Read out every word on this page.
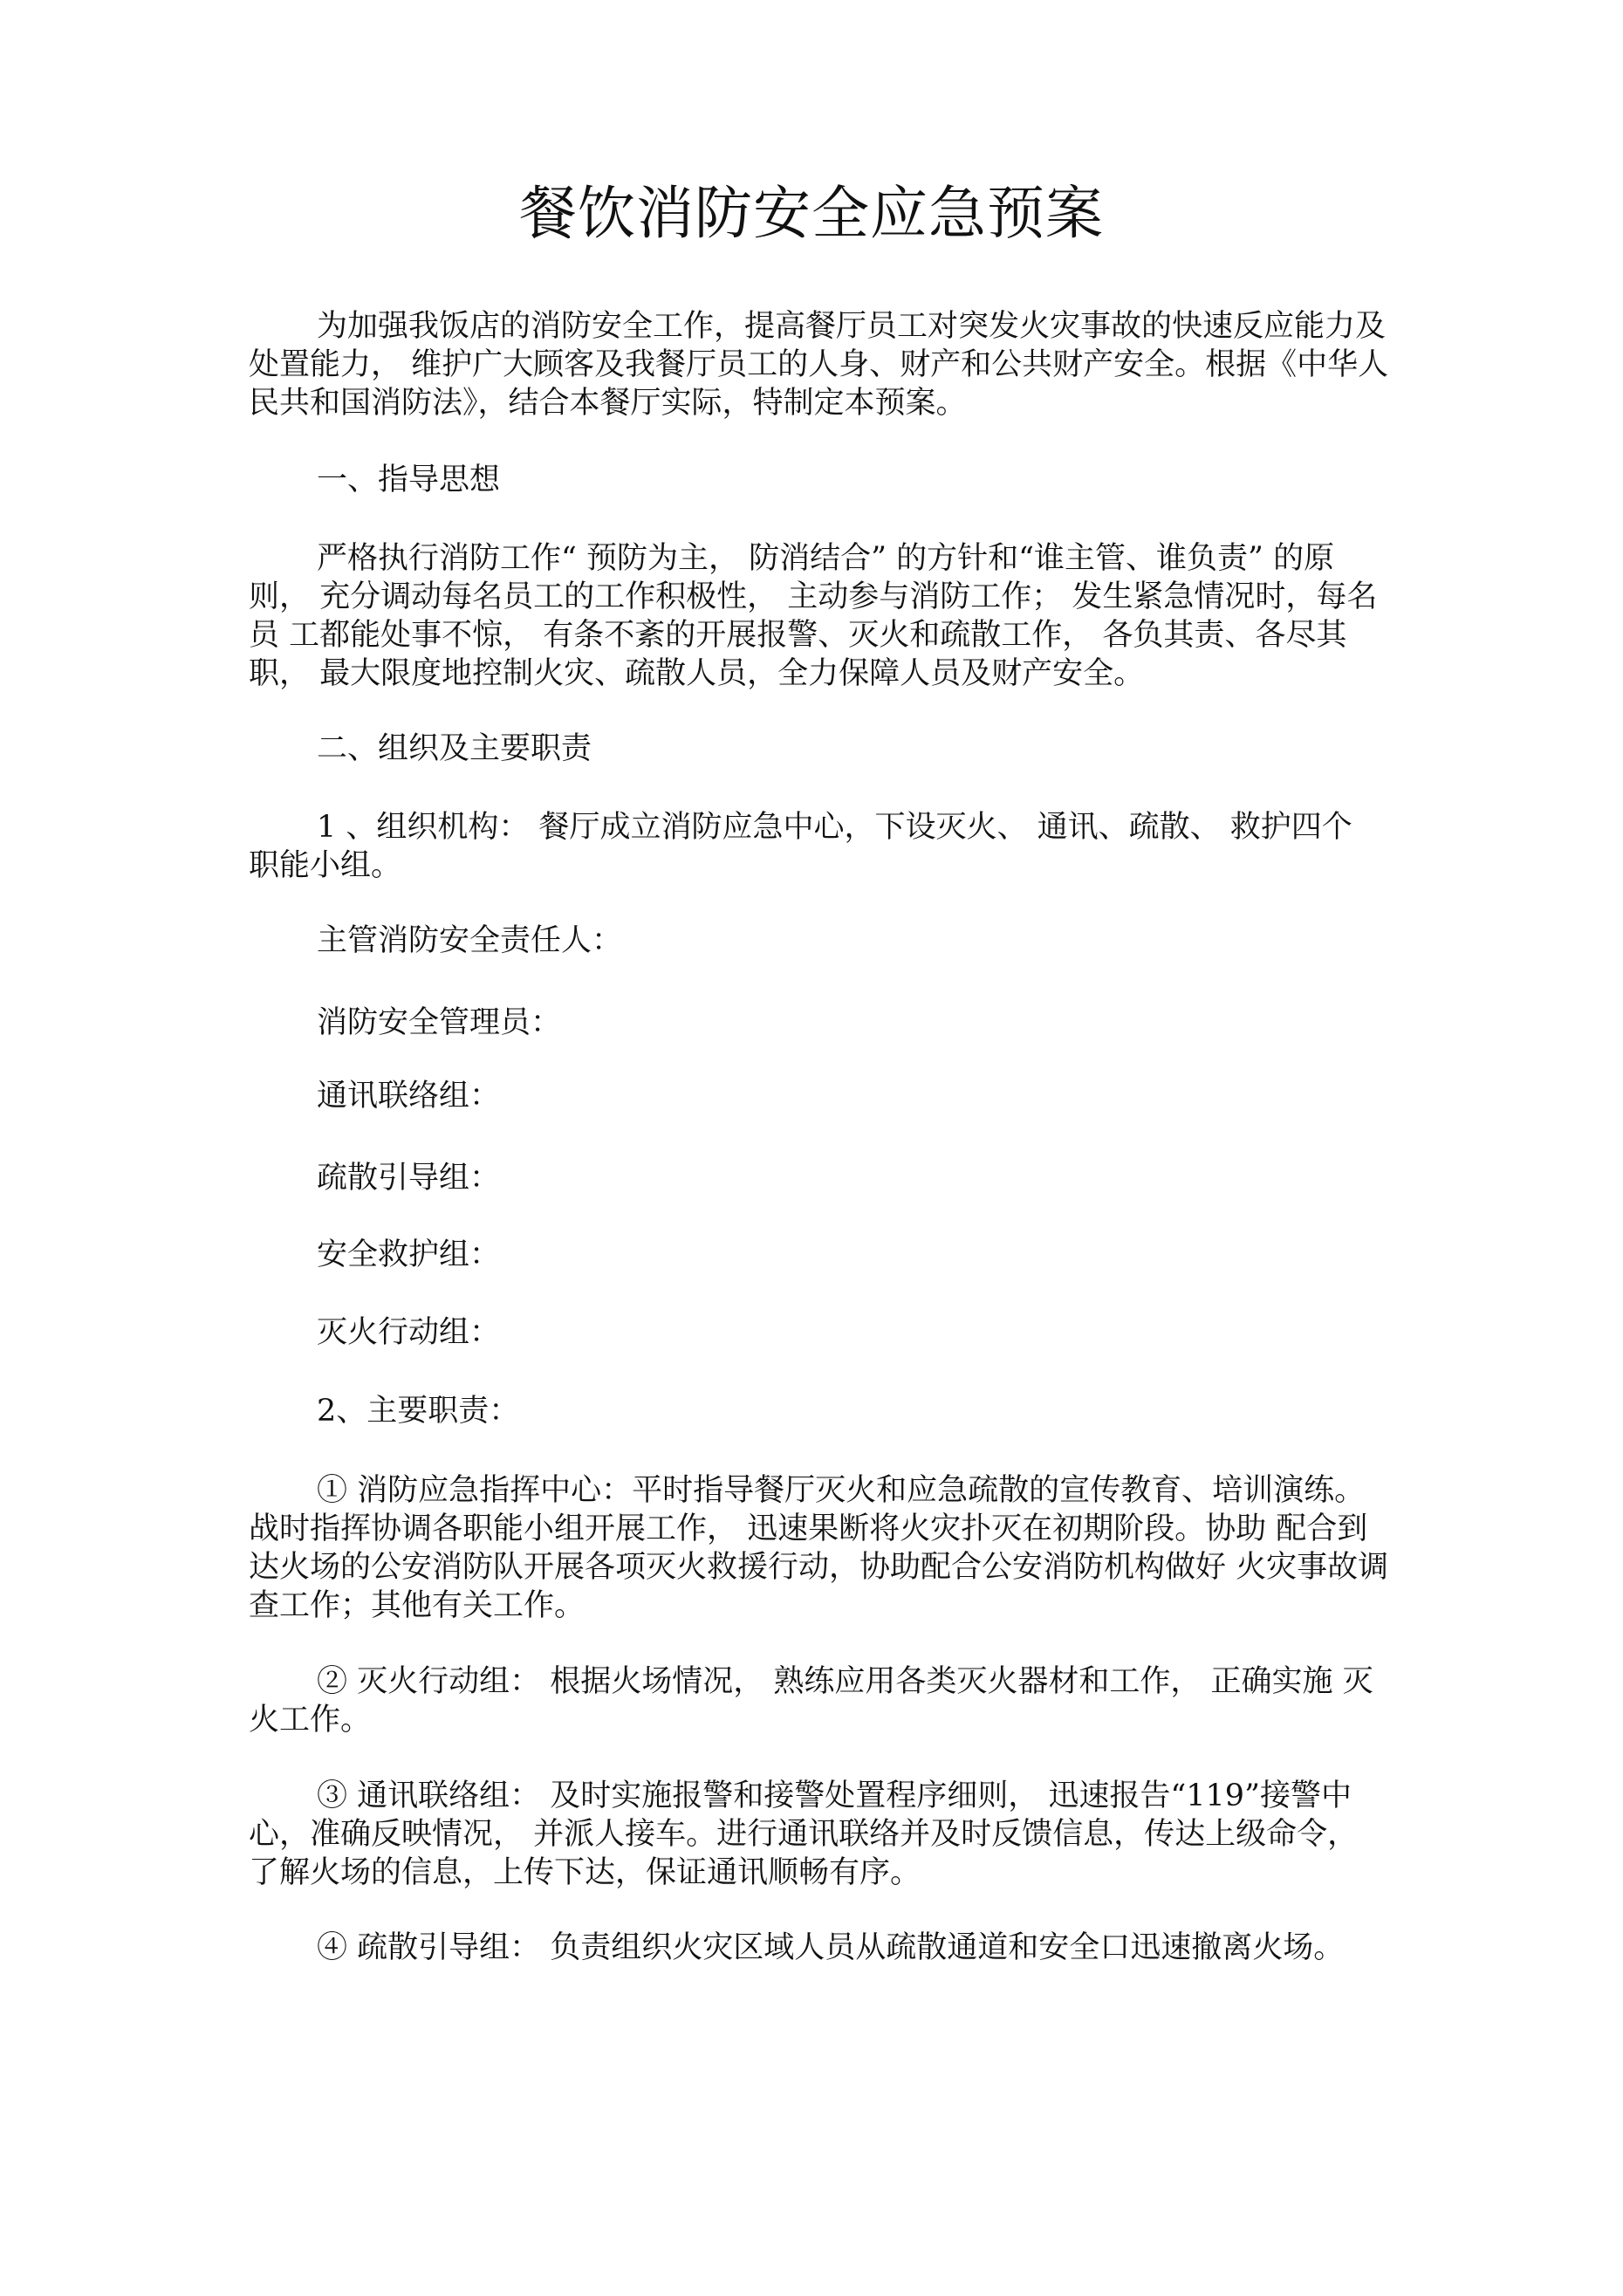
餐饮消防安全应急预案

为加强我饭店的消防安全工作，提高餐厅员工对突发火灾事故的快速反应能力及处置能力， 维护广大顾客及我餐厅员工的人身、财产和公共财产安全。根据《中华人民共和国消防法》，结合本餐厅实际，特制定本预案。

一、指导思想

严格执行消防工作“ 预防为主， 防消结合” 的方针和“谁主管、谁负责” 的原则， 充分调动每名员工的工作积极性， 主动参与消防工作； 发生紧急情况时，每名员 工都能处事不惊， 有条不紊的开展报警、灭火和疏散工作， 各负其责、各尽其职， 最大限度地控制火灾、疏散人员，全力保障人员及财产安全。

二、组织及主要职责

1 、组织机构： 餐厅成立消防应急中心，下设灭火、 通讯、疏散、 救护四个 职能小组。

主管消防安全责任人：

消防安全管理员：

通讯联络组：

疏散引导组：

安全救护组：

灭火行动组：

2、主要职责：

① 消防应急指挥中心：平时指导餐厅灭火和应急疏散的宣传教育、培训演练。战时指挥协调各职能小组开展工作， 迅速果断将火灾扑灭在初期阶段。协助 配合到达火场的公安消防队开展各项灭火救援行动，协助配合公安消防机构做好 火灾事故调查工作；其他有关工作。

② 灭火行动组： 根据火场情况， 熟练应用各类灭火器材和工作， 正确实施 灭火工作。

③ 通讯联络组： 及时实施报警和接警处置程序细则， 迅速报告“119”接警中 心，准确反映情况， 并派人接车。进行通讯联络并及时反馈信息，传达上级命令， 了解火场的信息，上传下达，保证通讯顺畅有序。

④ 疏散引导组： 负责组织火灾区域人员从疏散通道和安全口迅速撤离火场。
